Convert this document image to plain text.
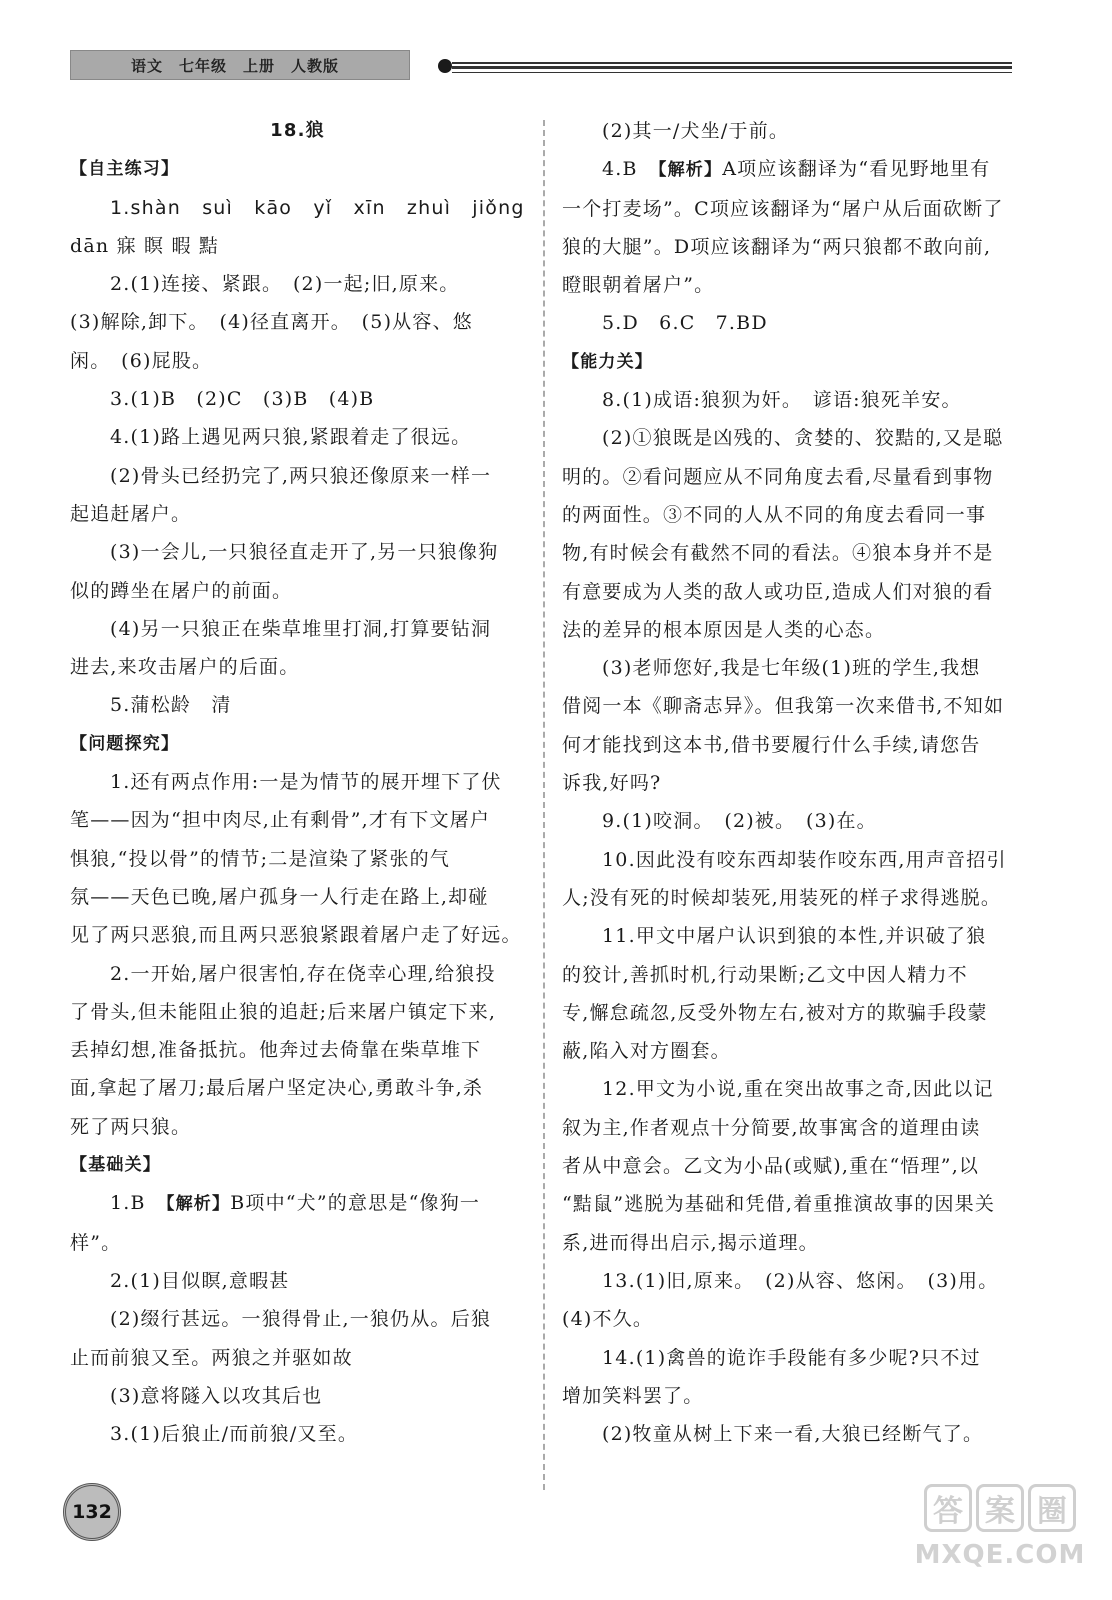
语文　七年级　上册　人教版

18.狼

【自主练习】

1.shàn suì kāo yǐ xīn zhuì jiǒng

dān 寐 瞑 暇 黠

2.(1)连接、紧跟。　(2)一起;旧,原来。

(3)解除,卸下。　(4)径直离开。　(5)从容、悠

闲。　(6)屁股。

3.(1)B　(2)C　(3)B　(4)B

4.(1)路上遇见两只狼,紧跟着走了很远。

(2)骨头已经扔完了,两只狼还像原来一样一

起追赶屠户。

(3)一会儿,一只狼径直走开了,另一只狼像狗

似的蹲坐在屠户的前面。

(4)另一只狼正在柴草堆里打洞,打算要钻洞

进去,来攻击屠户的后面。

5.蒲松龄　清

【问题探究】

1.还有两点作用:一是为情节的展开埋下了伏

笔——因为“担中肉尽,止有剩骨”,才有下文屠户

惧狼,“投以骨”的情节;二是渲染了紧张的气

氛——天色已晚,屠户孤身一人行走在路上,却碰

见了两只恶狼,而且两只恶狼紧跟着屠户走了好远。

2.一开始,屠户很害怕,存在侥幸心理,给狼投

了骨头,但未能阻止狼的追赶;后来屠户镇定下来,

丢掉幻想,准备抵抗。他奔过去倚靠在柴草堆下

面,拿起了屠刀;最后屠户坚定决心,勇敢斗争,杀

死了两只狼。

【基础关】

1.B　【解析】B项中“犬”的意思是“像狗一样”。

2.(1)目似瞑,意暇甚

(2)缀行甚远。一狼得骨止,一狼仍从。后狼

止而前狼又至。两狼之并驱如故

(3)意将隧入以攻其后也

3.(1)后狼止/而前狼/又至。

(2)其一/犬坐/于前。

4.B　【解析】A项应该翻译为“看见野地里有

一个打麦场”。C项应该翻译为“屠户从后面砍断了

狼的大腿”。D项应该翻译为“两只狼都不敢向前,

瞪眼朝着屠户”。

5.D　6.C　7.BD

【能力关】

8.(1)成语:狼狈为奸。　谚语:狼死羊安。

(2)①狼既是凶残的、贪婪的、狡黠的,又是聪

明的。②看问题应从不同角度去看,尽量看到事物

的两面性。③不同的人从不同的角度去看同一事

物,有时候会有截然不同的看法。④狼本身并不是

有意要成为人类的敌人或功臣,造成人们对狼的看

法的差异的根本原因是人类的心态。

(3)老师您好,我是七年级(1)班的学生,我想

借阅一本《聊斋志异》。但我第一次来借书,不知如

何才能找到这本书,借书要履行什么手续,请您告

诉我,好吗?

9.(1)咬洞。　(2)被。　(3)在。

10.因此没有咬东西却装作咬东西,用声音招引

人;没有死的时候却装死,用装死的样子求得逃脱。

11.甲文中屠户认识到狼的本性,并识破了狼

的狡计,善抓时机,行动果断;乙文中因人精力不

专,懈怠疏忽,反受外物左右,被对方的欺骗手段蒙

蔽,陷入对方圈套。

12.甲文为小说,重在突出故事之奇,因此以记

叙为主,作者观点十分简要,故事寓含的道理由读

者从中意会。乙文为小品(或赋),重在“悟理”,以

“黠鼠”逃脱为基础和凭借,着重推演故事的因果关

系,进而得出启示,揭示道理。

13.(1)旧,原来。　(2)从容、悠闲。　(3)用。

(4)不久。

14.(1)禽兽的诡诈手段能有多少呢?只不过

增加笑料罢了。

(2)牧童从树上下来一看,大狼已经断气了。

132	答 案 圈
MXQE.COM
